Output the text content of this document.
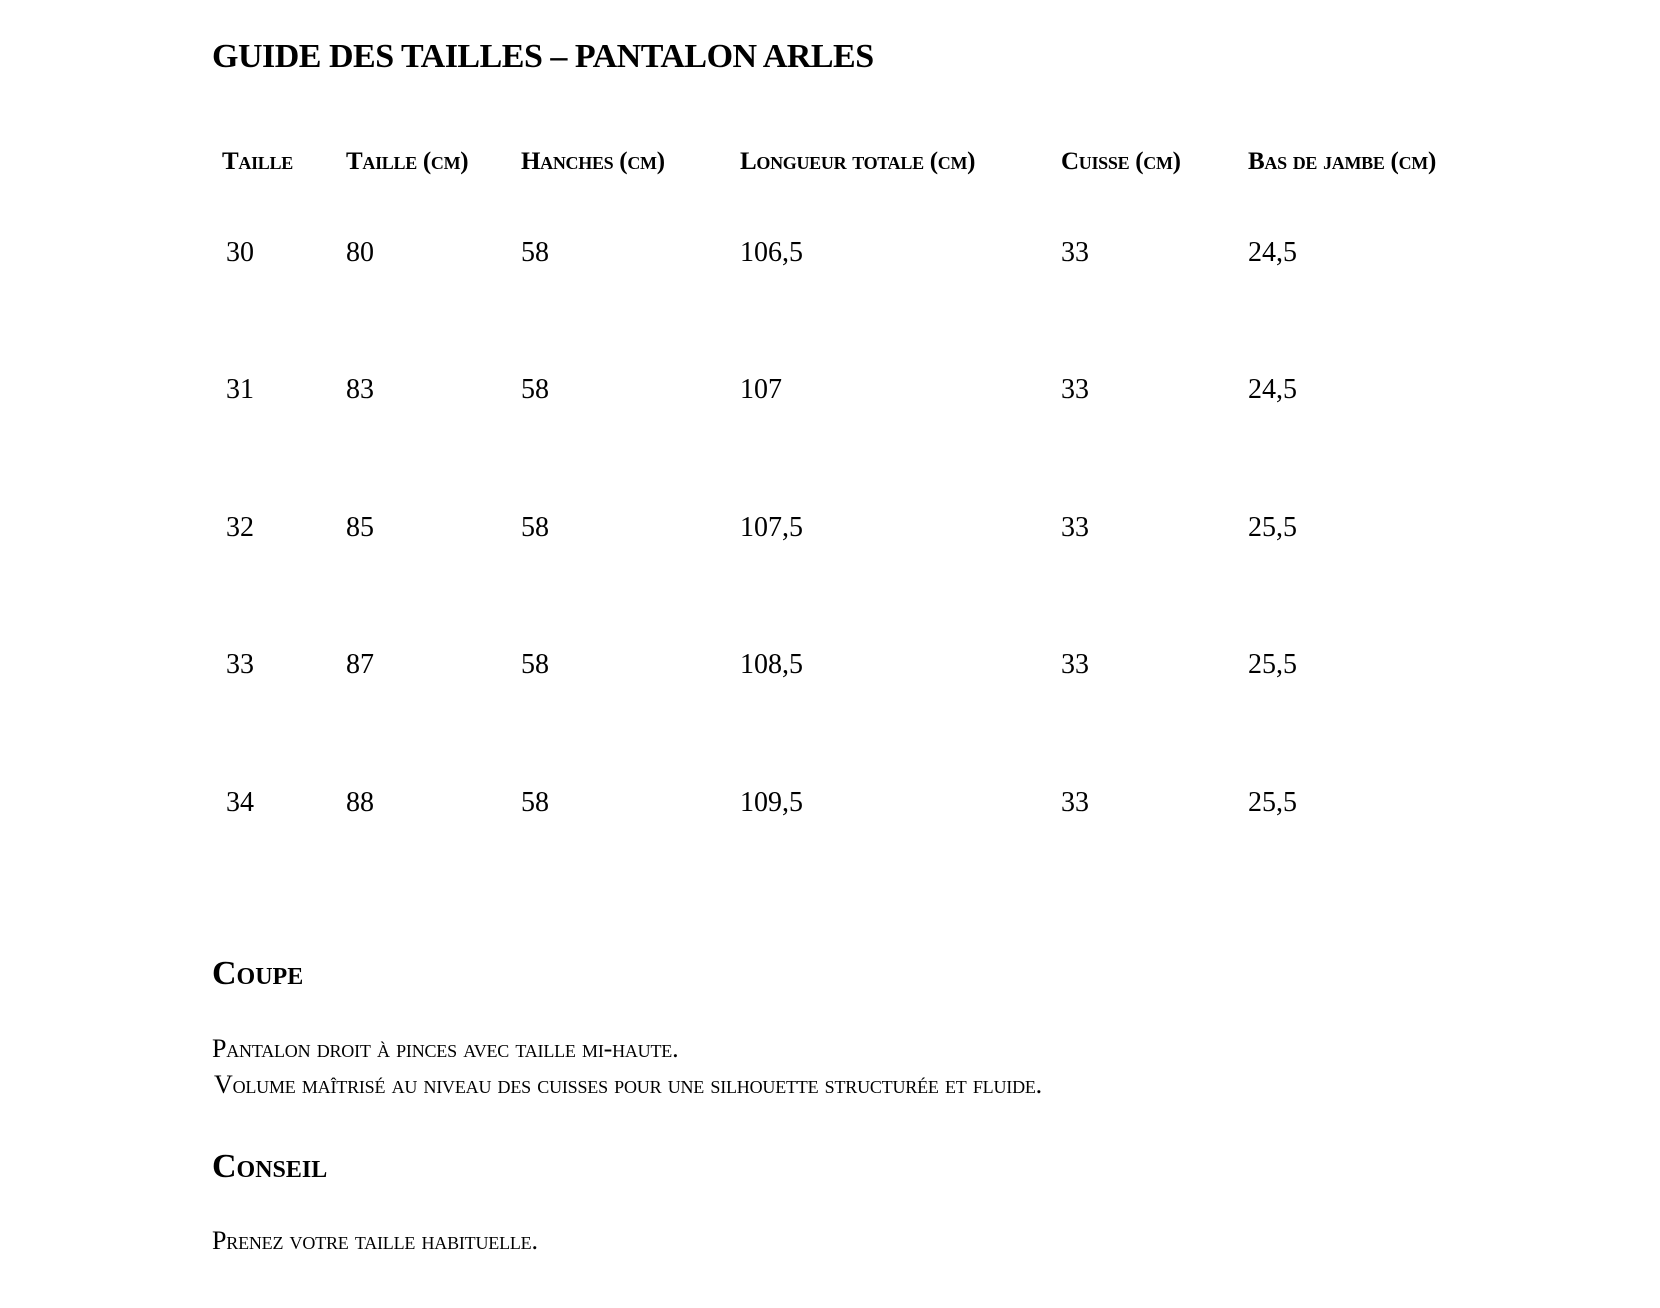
GUIDE DES TAILLES – PANTALON ARLES
Taille	Taille (cm)	Hanches (cm)	Longueur totale (cm)	Cuisse (cm)	Bas de jambe (cm)
30	80	58	106,5	33	24,5
31	83	58	107	33	24,5
32	85	58	107,5	33	25,5
33	87	58	108,5	33	25,5
34	88	58	109,5	33	25,5
Coupe

Pantalon droit à pinces avec taille mi-haute.

Volume maîtrisé au niveau des cuisses pour une silhouette structurée et fluide.

Conseil

Prenez votre taille habituelle.
